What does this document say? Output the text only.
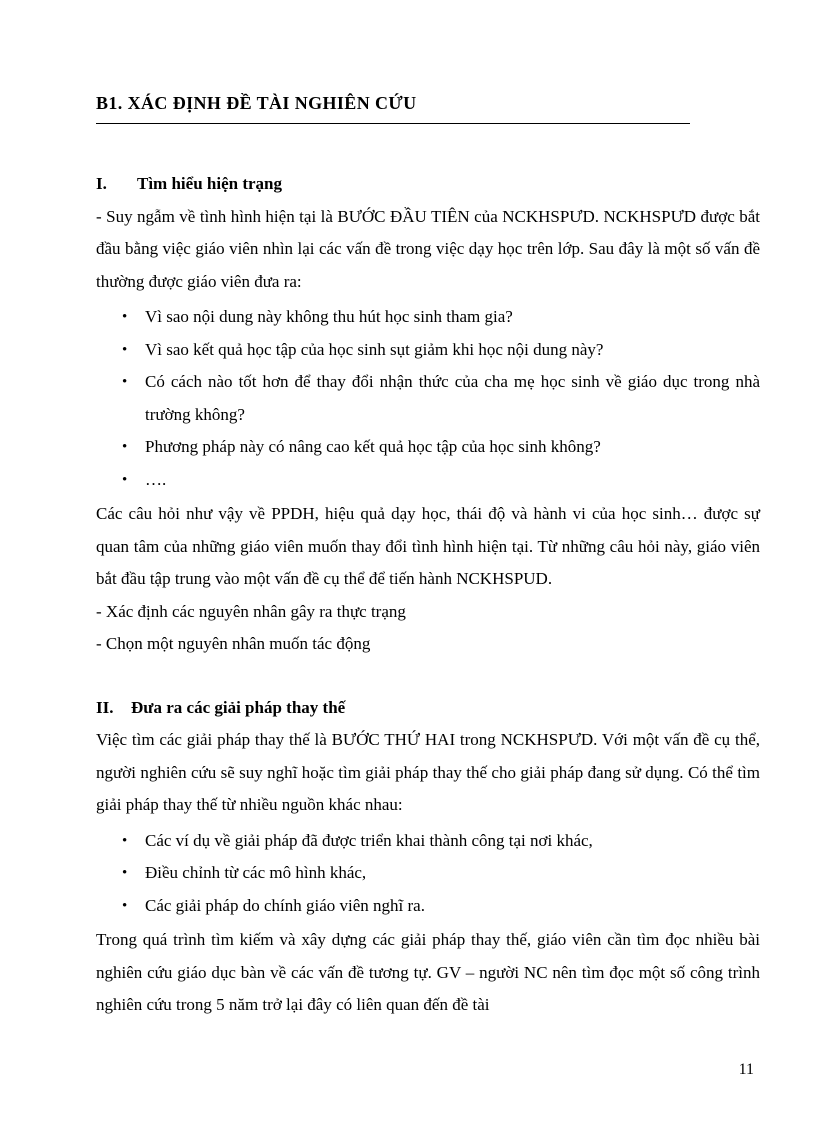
B1. XÁC ĐỊNH ĐỀ TÀI NGHIÊN CỨU
I. Tìm hiểu hiện trạng

- Suy ngẫm về tình hình hiện tại là BƯỚC ĐẦU TIÊN của NCKHSPƯD. NCKHSPƯD được bắt đầu bằng việc giáo viên nhìn lại các vấn đề trong việc dạy học trên lớp. Sau đây là một số vấn đề thường được giáo viên đưa ra:

• Vì sao nội dung này không thu hút học sinh tham gia?
• Vì sao kết quả học tập của học sinh sụt giảm khi học nội dung này?
• Có cách nào tốt hơn để thay đổi nhận thức của cha mẹ học sinh về giáo dục trong nhà trường không?
• Phương pháp này có nâng cao kết quả học tập của học sinh không?
• ….

Các câu hỏi như vậy về PPDH, hiệu quả dạy học, thái độ và hành vi của học sinh… được sự quan tâm của những giáo viên muốn thay đổi tình hình hiện tại. Từ những câu hỏi này, giáo viên bắt đầu tập trung vào một vấn đề cụ thể để tiến hành NCKHSPUD.

- Xác định các nguyên nhân gây ra thực trạng

- Chọn một nguyên nhân muốn tác động

II. Đưa ra các giải pháp thay thế

Việc tìm các giải pháp thay thế là BƯỚC THỨ HAI trong NCKHSPƯD. Với một vấn đề cụ thể, người nghiên cứu sẽ suy nghĩ hoặc tìm giải pháp thay thế cho giải pháp đang sử dụng. Có thể tìm giải pháp thay thế từ nhiều nguồn khác nhau:

• Các ví dụ về giải pháp đã được triển khai thành công tại nơi khác,
• Điều chỉnh từ các mô hình khác,
• Các giải pháp do chính giáo viên nghĩ ra.

Trong quá trình tìm kiếm và xây dựng các giải pháp thay thế, giáo viên cần tìm đọc nhiều bài nghiên cứu giáo dục bàn về các vấn đề tương tự. GV – người NC nên tìm đọc một số công trình nghiên cứu trong 5 năm trở lại đây có liên quan đến đề tài

11
